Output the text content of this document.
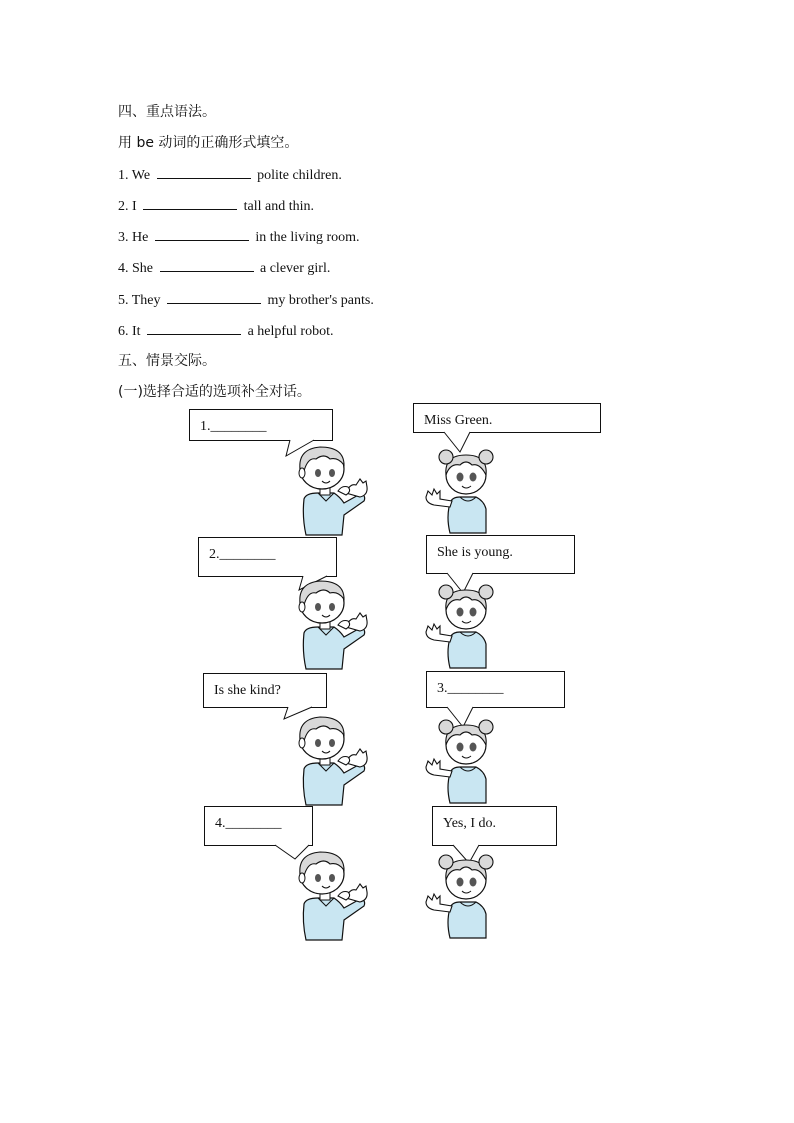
四、重点语法。
用 be 动词的正确形式填空。
1. We	polite children.
2. I	tall and thin.
3. He	in the living room.
4. She	a clever girl.
5. They	my brother's pants.
6. It	a helpful robot.
五、情景交际。
(一)选择合适的选项补全对话。
1.________	Miss Green.
2.________	She is young.
Is she kind?	3.________
4.________	Yes, I do.
